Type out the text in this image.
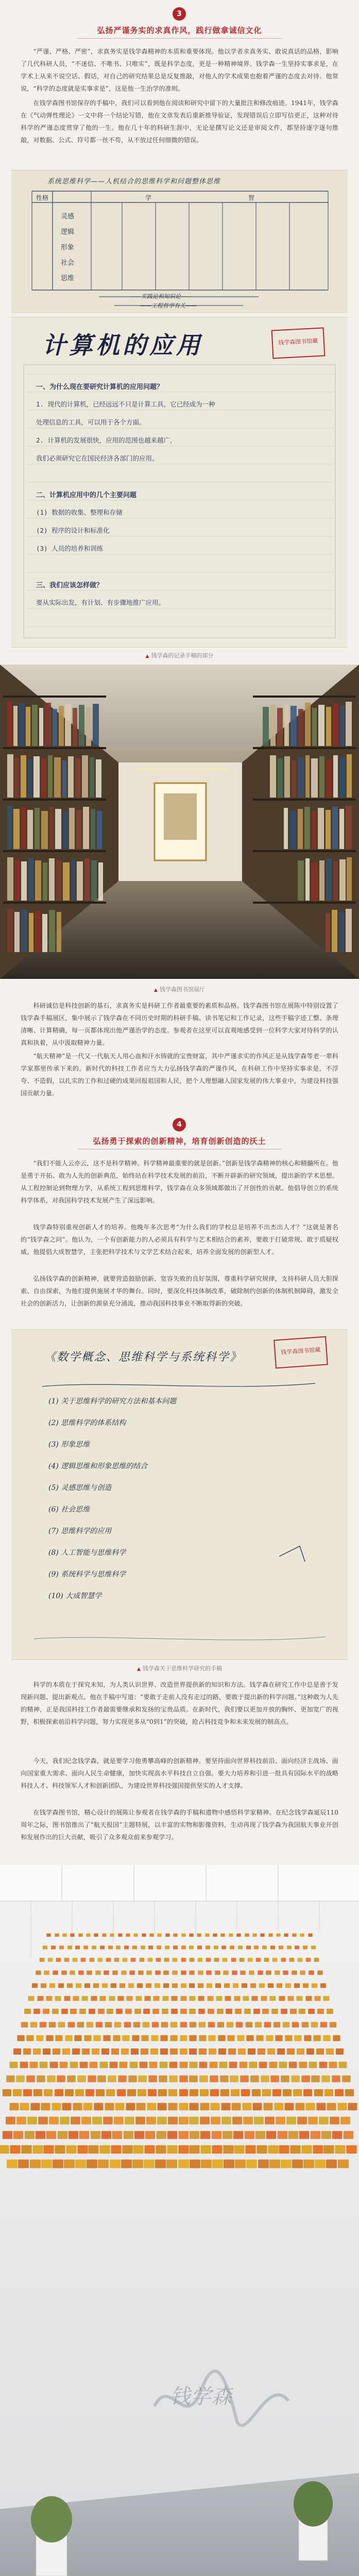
3
弘扬严谨务实的求真作风，践行做拿诚信文化

“严谨、严格、严密”，求真务实是钱学森精神的本质和重要体现。他以学者求真务实、敢说真话的品格，影响了几代科研人员，“不迷信、不唯书、只唯实”，既是科学态度，更是一种精神境界。钱学森一生坚持实事求是，在学术上从来不说空话、假话，对自己的研究结果总是反复推敲，对他人的学术成果也抱着严谨的态度去对待。他常说，“科学的态度就是实事求是”，这是他一生治学的准则。

在钱学森图书馆保存的手稿中，我们可以看到他在阅读和研究中留下的大量批注和修改痕迹。1941年，钱学森在《气动弹性理论》一文中将一个结论写错，他在文章发表后重新推导验证，发现错误后立即写信更正，这种对待科学的严谨态度贯穿了他的一生。他在几十年的科研生涯中，无论是撰写论文还是审阅文件，都坚持逐字逐句推敲，对数据、公式、符号都一丝不苟，从不放过任何细微的错误。

系统思维科学——人机结合的思维科学和问题整体思维
性格	学	智
灵感
逻辑
形象
社会
思维
——实践论和知识论——
——工程哲学有关——
计算机的应用	钱学森图书馆藏
一、为什么现在要研究计算机的应用问题？
1. 现代的计算机，已经远远不只是计算工具，它已经成为一种
处理信息的工具，可以用于各个方面。
2. 计算机的发展很快，应用的范围也越来越广，
我们必须研究它在国民经济各部门的应用。
二、计算机应用中的几个主要问题
(1) 数据的收集、整理和存储
(2) 程序的设计和标准化
(3) 人员的培养和训练
三、我们应该怎样做？
要从实际出发，有计划、有步骤地推广应用。
▲ 钱学森的记录手稿的部分
▲ 钱学森图书馆展厅

科研诚信是科技创新的基石，求真务实是科研工作者最重要的素质和品格。钱学森图书馆在展陈中特别设置了钱学森手稿展区，集中展示了钱学森在不同历史时期的科研手稿、读书笔记和工作记录，这些手稿字迹工整、条理清晰、计算精确，每一页都体现出他严谨治学的态度。参观者在这里可以直观地感受到一位科学大家对待科学的认真和执着，从中汲取精神力量。

“航天精神”是一代又一代航天人用心血和汗水铸就的宝贵财富，其中严谨求实的作风正是从钱学森等老一辈科学家那里传承下来的。新时代的科技工作者应当大力弘扬钱学森的严谨作风，在科研工作中坚持实事求是，不浮夸、不造假，以扎实的工作和过硬的成果回报祖国和人民，把个人理想融入国家发展的伟大事业中，为建设科技强国贡献力量。

4
弘扬勇于探索的创新精神，培育创新创造的沃土

“我们不能人云亦云，这不是科学精神。科学精神最重要的就是创新。”创新是钱学森精神的核心和精髓所在。他是勇于开拓、敢为人先的创新典范，始终站在科学技术发展的前沿，不断开辟新的研究领域，提出新的学术思想。从工程控制论到物理力学，从系统工程到思维科学，钱学森在众多领域都做出了开创性的贡献。他倡导创立的系统科学体系，对我国科学技术发展产生了深远影响。

钱学森特别重视创新人才的培养。他晚年多次思考“为什么我们的学校总是培养不出杰出人才？”这就是著名的“钱学森之问”。他认为，一个有创新能力的人必须具有科学与艺术相结合的素养，要敢于打破常规、敢于质疑权威。他提倡大成智慧学，主张把科学技术与文学艺术结合起来，培养全面发展的创新型人才。

弘扬钱学森的创新精神，就要营造鼓励创新、宽容失败的良好氛围，尊重科学研究规律，支持科研人员大胆探索、自由探索，为他们提供施展才华的舞台。同时，要深化科技体制改革，破除制约创新的体制机制障碍，激发全社会的创新活力，让创新的源泉充分涌流，推动我国科技事业不断取得新的突破。

《数学概念、思维科学与系统科学》	钱学森图书馆藏
(1) 关于思维科学的研究方法和基本问题
(2) 思维科学的体系结构
(3) 形象思维
(4) 逻辑思维和形象思维的结合
(5) 灵感思维与创造
(6) 社会思维
(7) 思维科学的应用
(8) 人工智能与思维科学
(9) 系统科学与思维科学
(10) 大成智慧学
▲ 钱学森关于思维科学研究的手稿

科学的本质在于探究未知，为人类认识世界、改造世界提供新的知识和方法。钱学森在研究工作中总是善于发现新问题、提出新观点。他在手稿中写道：“要敢于走前人没有走过的路，要敢于提出新的科学问题。”这种敢为人先的精神，正是我国科技工作者最需要继承和发扬的宝贵品质。在新时代，我们要以更加开放的胸怀、更加宽广的视野，积极探索前沿科学问题，努力实现更多从“0到1”的突破，抢占科技竞争和未来发展的制高点。

今天，我们纪念钱学森，就是要学习他勇攀高峰的创新精神。要坚持面向世界科技前沿、面向经济主战场、面向国家重大需求、面向人民生命健康，加快实现高水平科技自立自强。要大力培养和引进一批具有国际水平的战略科技人才、科技领军人才和创新团队，为建设世界科技强国提供坚实的人才支撑。

在钱学森图书馆，精心设计的展陈让参观者在钱学森的手稿和遗物中感悟科学家精神。在纪念钱学森诞辰110周年之际，图书馆推出了“航天报国”主题特展，以丰富的实物和影像资料，生动再现了钱学森为我国航天事业开创和发展作出的巨大贡献，吸引了众多观众前来参观学习。

钱学森
